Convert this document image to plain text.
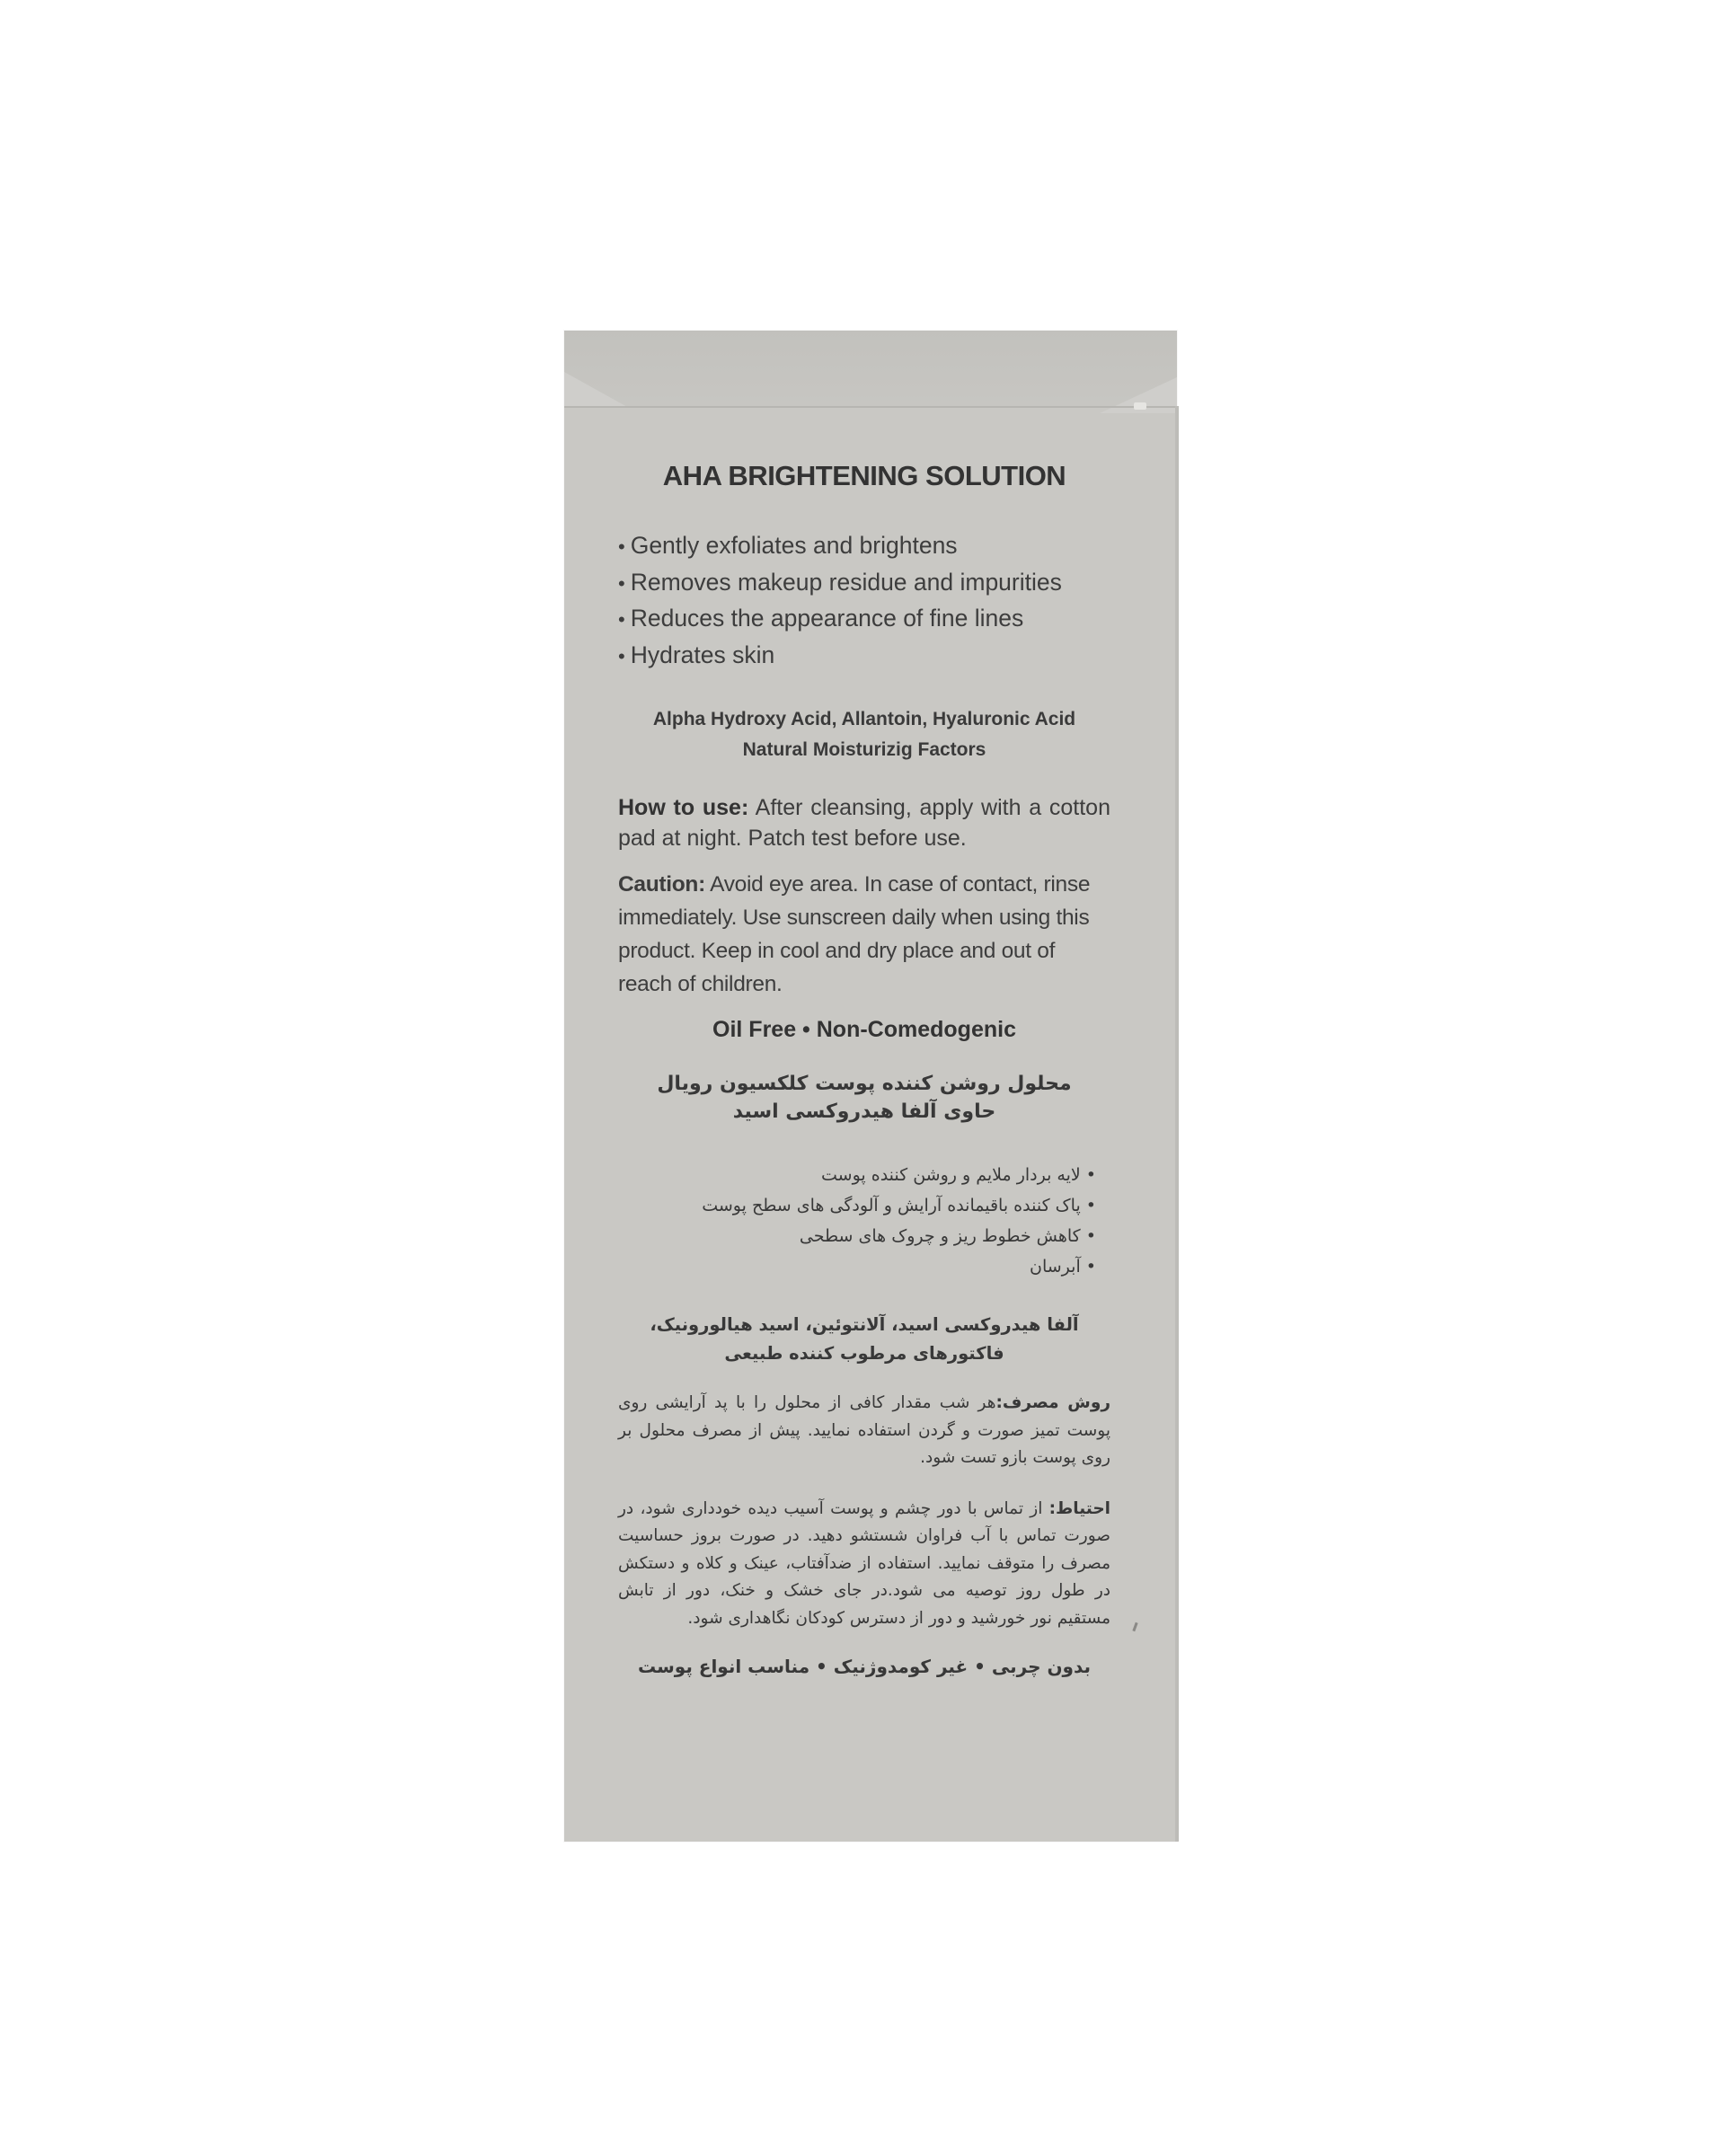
AHA BRIGHTENING SOLUTION
• Gently exfoliates and brightens
• Removes makeup residue and impurities
• Reduces the appearance of fine lines
• Hydrates skin
Alpha Hydroxy Acid, Allantoin, Hyaluronic Acid
Natural Moisturizig Factors

How to use: After cleansing, apply with a cotton pad at night. Patch test before use.

Caution: Avoid eye area. In case of contact, rinse immediately. Use sunscreen daily when using this product. Keep in cool and dry place and out of reach of children.

Oil Free • Non-Comedogenic
محلول روشن کننده پوست کلکسیون رویال
حاوی آلفا هیدروکسی اسید
• لایه بردار ملایم و روشن کننده پوست
• پاک کننده باقیمانده آرایش و آلودگی های سطح پوست
• کاهش خطوط ریز و چروک های سطحی
• آبرسان
آلفا هیدروکسی اسید، آلانتوئین، اسید هیالورونیک،
فاکتورهای مرطوب کننده طبیعی

روش مصرف:هر شب مقدار کافی از محلول را با پد آرایشی روی پوست تمیز صورت و گردن استفاده نمایید. پیش از مصرف محلول بر روی پوست بازو تست شود.

احتیاط: از تماس با دور چشم و پوست آسیب دیده خودداری شود، در صورت تماس با آب فراوان شستشو دهید. در صورت بروز حساسیت مصرف را متوقف نمایید. استفاده از ضدآفتاب، عینک و کلاه و دستکش در طول روز توصیه می شود.در جای خشک و خنک، دور از تابش مستقیم نور خورشید و دور از دسترس کودکان نگاهداری شود.

بدون چربی • غیر کومدوژنیک • مناسب انواع پوست
